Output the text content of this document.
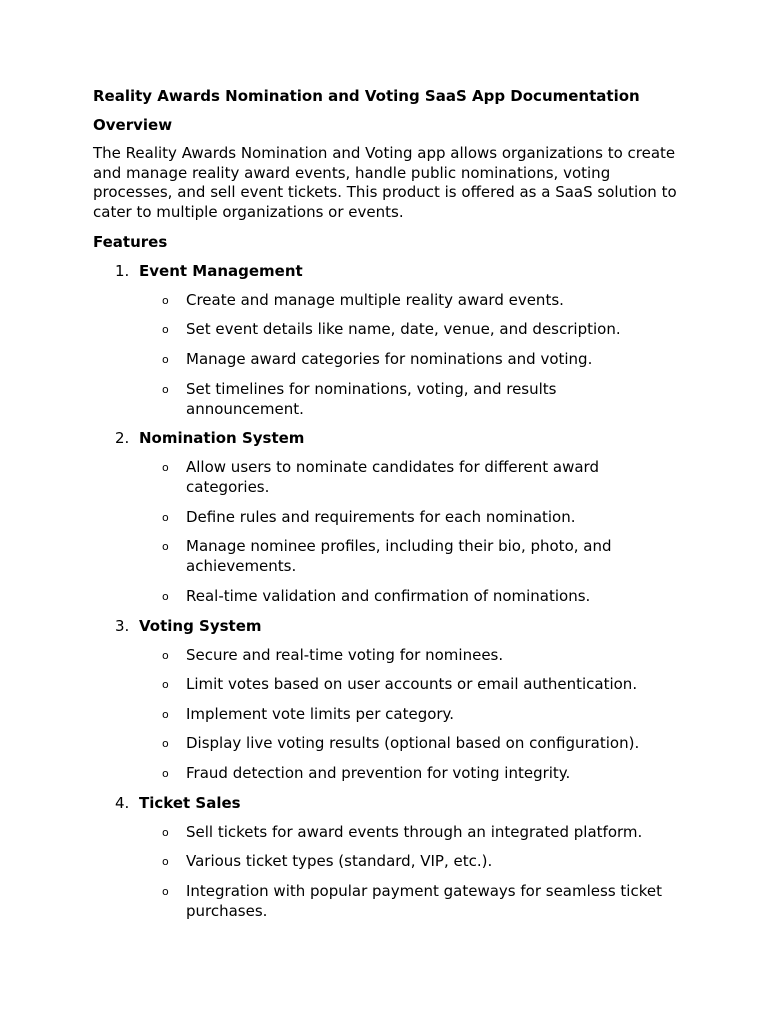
Reality Awards Nomination and Voting SaaS App Documentation

Overview

The Reality Awards Nomination and Voting app allows organizations to create and manage reality award events, handle public nominations, voting processes, and sell event tickets. This product is offered as a SaaS solution to cater to multiple organizations or events.

Features

1. Event Management
o Create and manage multiple reality award events.
o Set event details like name, date, venue, and description.
o Manage award categories for nominations and voting.
o Set timelines for nominations, voting, and results announcement.
2. Nomination System
o Allow users to nominate candidates for different award categories.
o Define rules and requirements for each nomination.
o Manage nominee profiles, including their bio, photo, and achievements.
o Real-time validation and confirmation of nominations.
3. Voting System
o Secure and real-time voting for nominees.
o Limit votes based on user accounts or email authentication.
o Implement vote limits per category.
o Display live voting results (optional based on configuration).
o Fraud detection and prevention for voting integrity.
4. Ticket Sales
o Sell tickets for award events through an integrated platform.
o Various ticket types (standard, VIP, etc.).
o Integration with popular payment gateways for seamless ticket purchases.
